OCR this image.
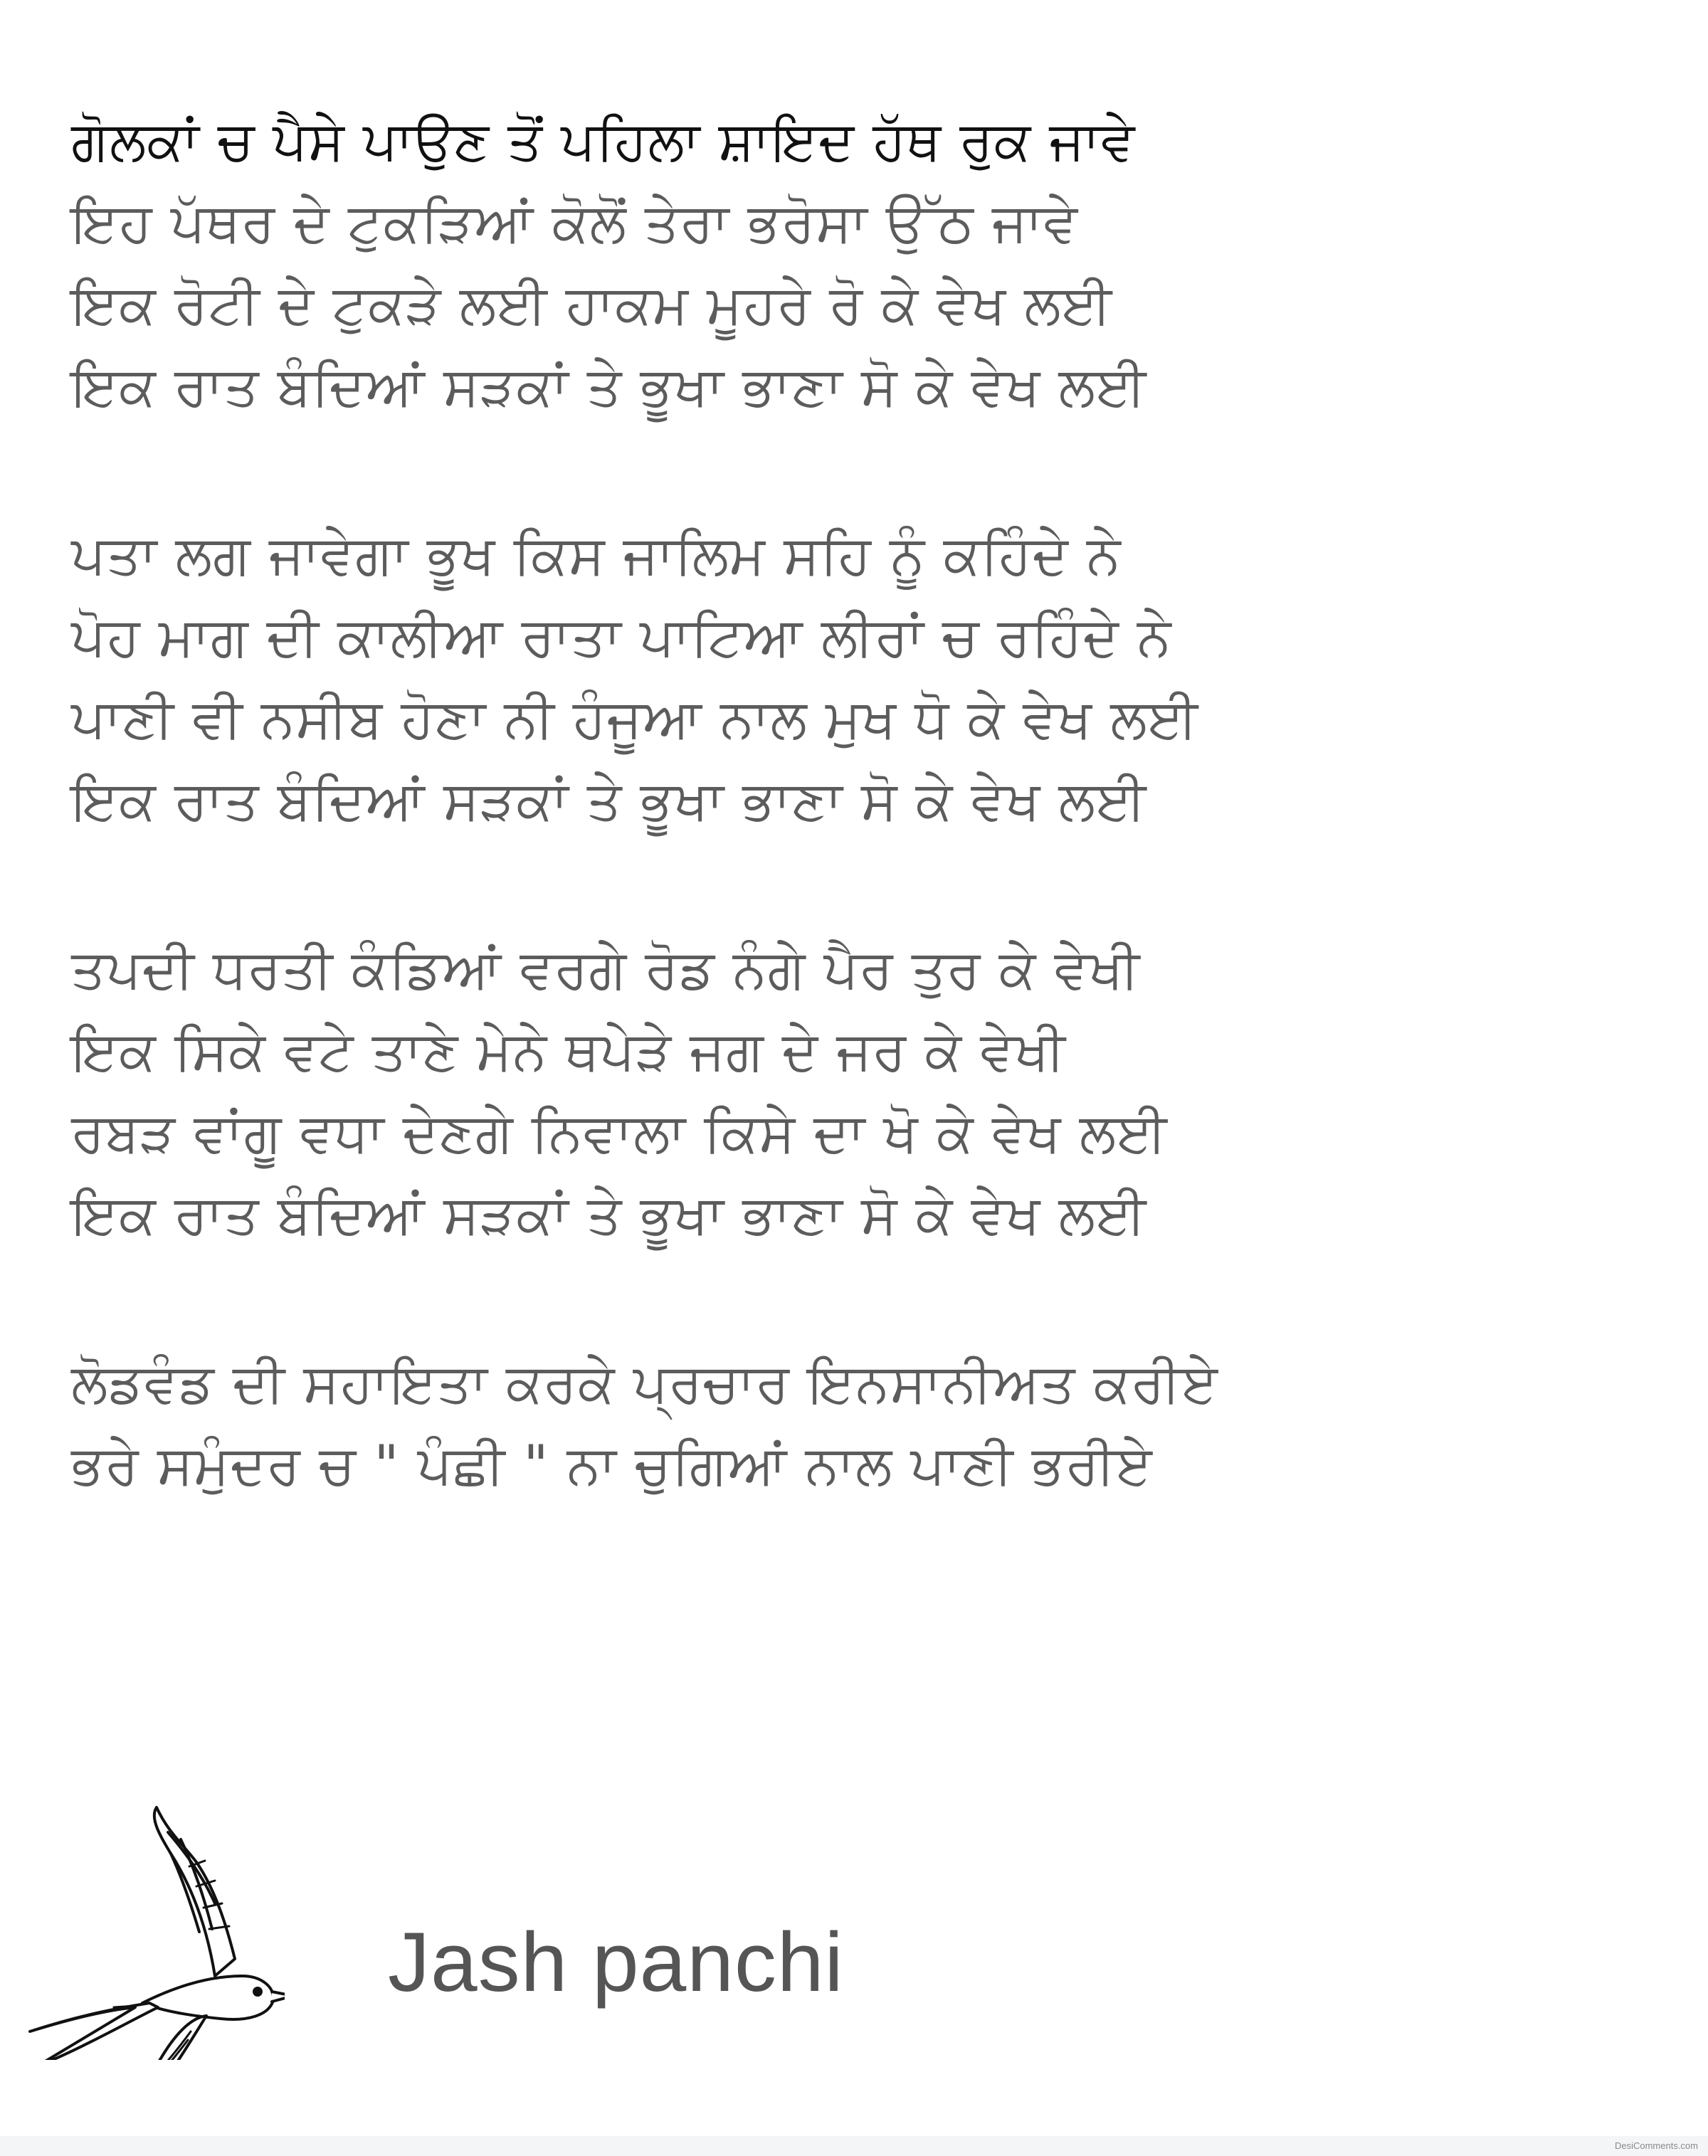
ਗੋਲਕਾਂ ਚ ਪੈਸੇ ਪਾਉਣ ਤੋਂ ਪਹਿਲਾ ਸ਼ਾਇਦ ਹੱਥ ਰੁਕ ਜਾਵੇ
ਇਹ ਪੱਥਰ ਦੇ ਟੁਕੜਿਆਂ ਕੋਲੋਂ ਤੇਰਾ ਭਰੋਸਾ ਉੱਠ ਜਾਵੇ
ਇਕ ਰੋਟੀ ਦੇ ਟੁਕੜੇ ਲਈ ਹਾਕਮ ਮੂਹਰੇ ਰੋ ਕੇ ਵੇਖ ਲਈ
ਇਕ ਰਾਤ ਬੰਦਿਆਂ ਸੜਕਾਂ ਤੇ ਭੂਖਾ ਭਾਣਾ ਸੋ ਕੇ ਵੇਖ ਲਈ
ਪਤਾ ਲਗ ਜਾਵੇਗਾ ਭੂਖ ਕਿਸ ਜਾਲਿਮ ਸਹਿ ਨੂੰ ਕਹਿੰਦੇ ਨੇ
ਪੋਹ ਮਾਗ ਦੀ ਕਾਲੀਆ ਰਾਤਾ ਪਾਟਿਆ ਲੀਰਾਂ ਚ ਰਹਿੰਦੇ ਨੇ
ਪਾਣੀ ਵੀ ਨਸੀਬ ਹੋਣਾ ਨੀ ਹੰਜੂਆ ਨਾਲ ਮੁਖ ਧੋ ਕੇ ਵੇਖ ਲਈ
ਇਕ ਰਾਤ ਬੰਦਿਆਂ ਸੜਕਾਂ ਤੇ ਭੂਖਾ ਭਾਣਾ ਸੋ ਕੇ ਵੇਖ ਲਈ
ਤਪਦੀ ਧਰਤੀ ਕੰਡਿਆਂ ਵਰਗੇ ਰੋਡ ਨੰਗੇ ਪੈਰ ਤੁਰ ਕੇ ਵੇਖੀ
ਇਕ ਸਿਕੇ ਵਟੇ ਤਾਣੇ ਮੇਨੇ ਥਪੇੜੇ ਜਗ ਦੇ ਜਰ ਕੇ ਵੇਖੀ
ਰਬੜ ਵਾਂਗੂ ਵਧਾ ਦੇਣਗੇ ਨਿਵਾਲਾ ਕਿਸੇ ਦਾ ਖੋ ਕੇ ਵੇਖ ਲਈ
ਇਕ ਰਾਤ ਬੰਦਿਆਂ ਸੜਕਾਂ ਤੇ ਭੂਖਾ ਭਾਣਾ ਸੋ ਕੇ ਵੇਖ ਲਈ
ਲੋਡਵੰਡ ਦੀ ਸਹਾਇਤਾ ਕਰਕੇ ਪ੍ਰਚਾਰ ਇਨਸਾਨੀਅਤ ਕਰੀਏ
ਭਰੇ ਸਮੁੰਦਰ ਚ " ਪੰਛੀ " ਨਾ ਚੁਗਿਆਂ ਨਾਲ ਪਾਣੀ ਭਰੀਏ
Jash panchi
DesiComments.com
